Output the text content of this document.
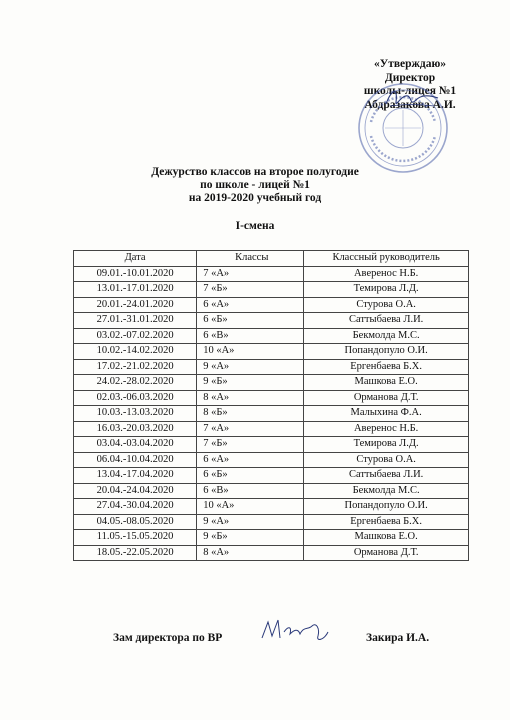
«Утверждаю»
Директор
школы-лицея №1
Абдразакова А.И.
Дежурство классов на второе полугодие
по школе - лицей №1
на 2019-2020 учебный год
I-смена
Дата	Классы	Классный руководитель
09.01.-10.01.2020	7 «А»	Аверенос Н.Б.
13.01.-17.01.2020	7 «Б»	Темирова Л.Д.
20.01.-24.01.2020	6 «А»	Стурова О.А.
27.01.-31.01.2020	6 «Б»	Саттыбаева Л.И.
03.02.-07.02.2020	6 «В»	Бекмолда М.С.
10.02.-14.02.2020	10 «А»	Попандопуло О.И.
17.02.-21.02.2020	9 «А»	Ергенбаева Б.Х.
24.02.-28.02.2020	9 «Б»	Машкова Е.О.
02.03.-06.03.2020	8 «А»	Орманова Д.Т.
10.03.-13.03.2020	8 «Б»	Малыхина Ф.А.
16.03.-20.03.2020	7 «А»	Аверенос Н.Б.
03.04.-03.04.2020	7 «Б»	Темирова Л.Д.
06.04.-10.04.2020	6 «А»	Стурова О.А.
13.04.-17.04.2020	6 «Б»	Саттыбаева Л.И.
20.04.-24.04.2020	6 «В»	Бекмолда М.С.
27.04.-30.04.2020	10 «А»	Попандопуло О.И.
04.05.-08.05.2020	9 «А»	Ергенбаева Б.Х.
11.05.-15.05.2020	9 «Б»	Машкова Е.О.
18.05.-22.05.2020	8 «А»	Орманова Д.Т.
Зам директора по ВР	Закира И.А.
